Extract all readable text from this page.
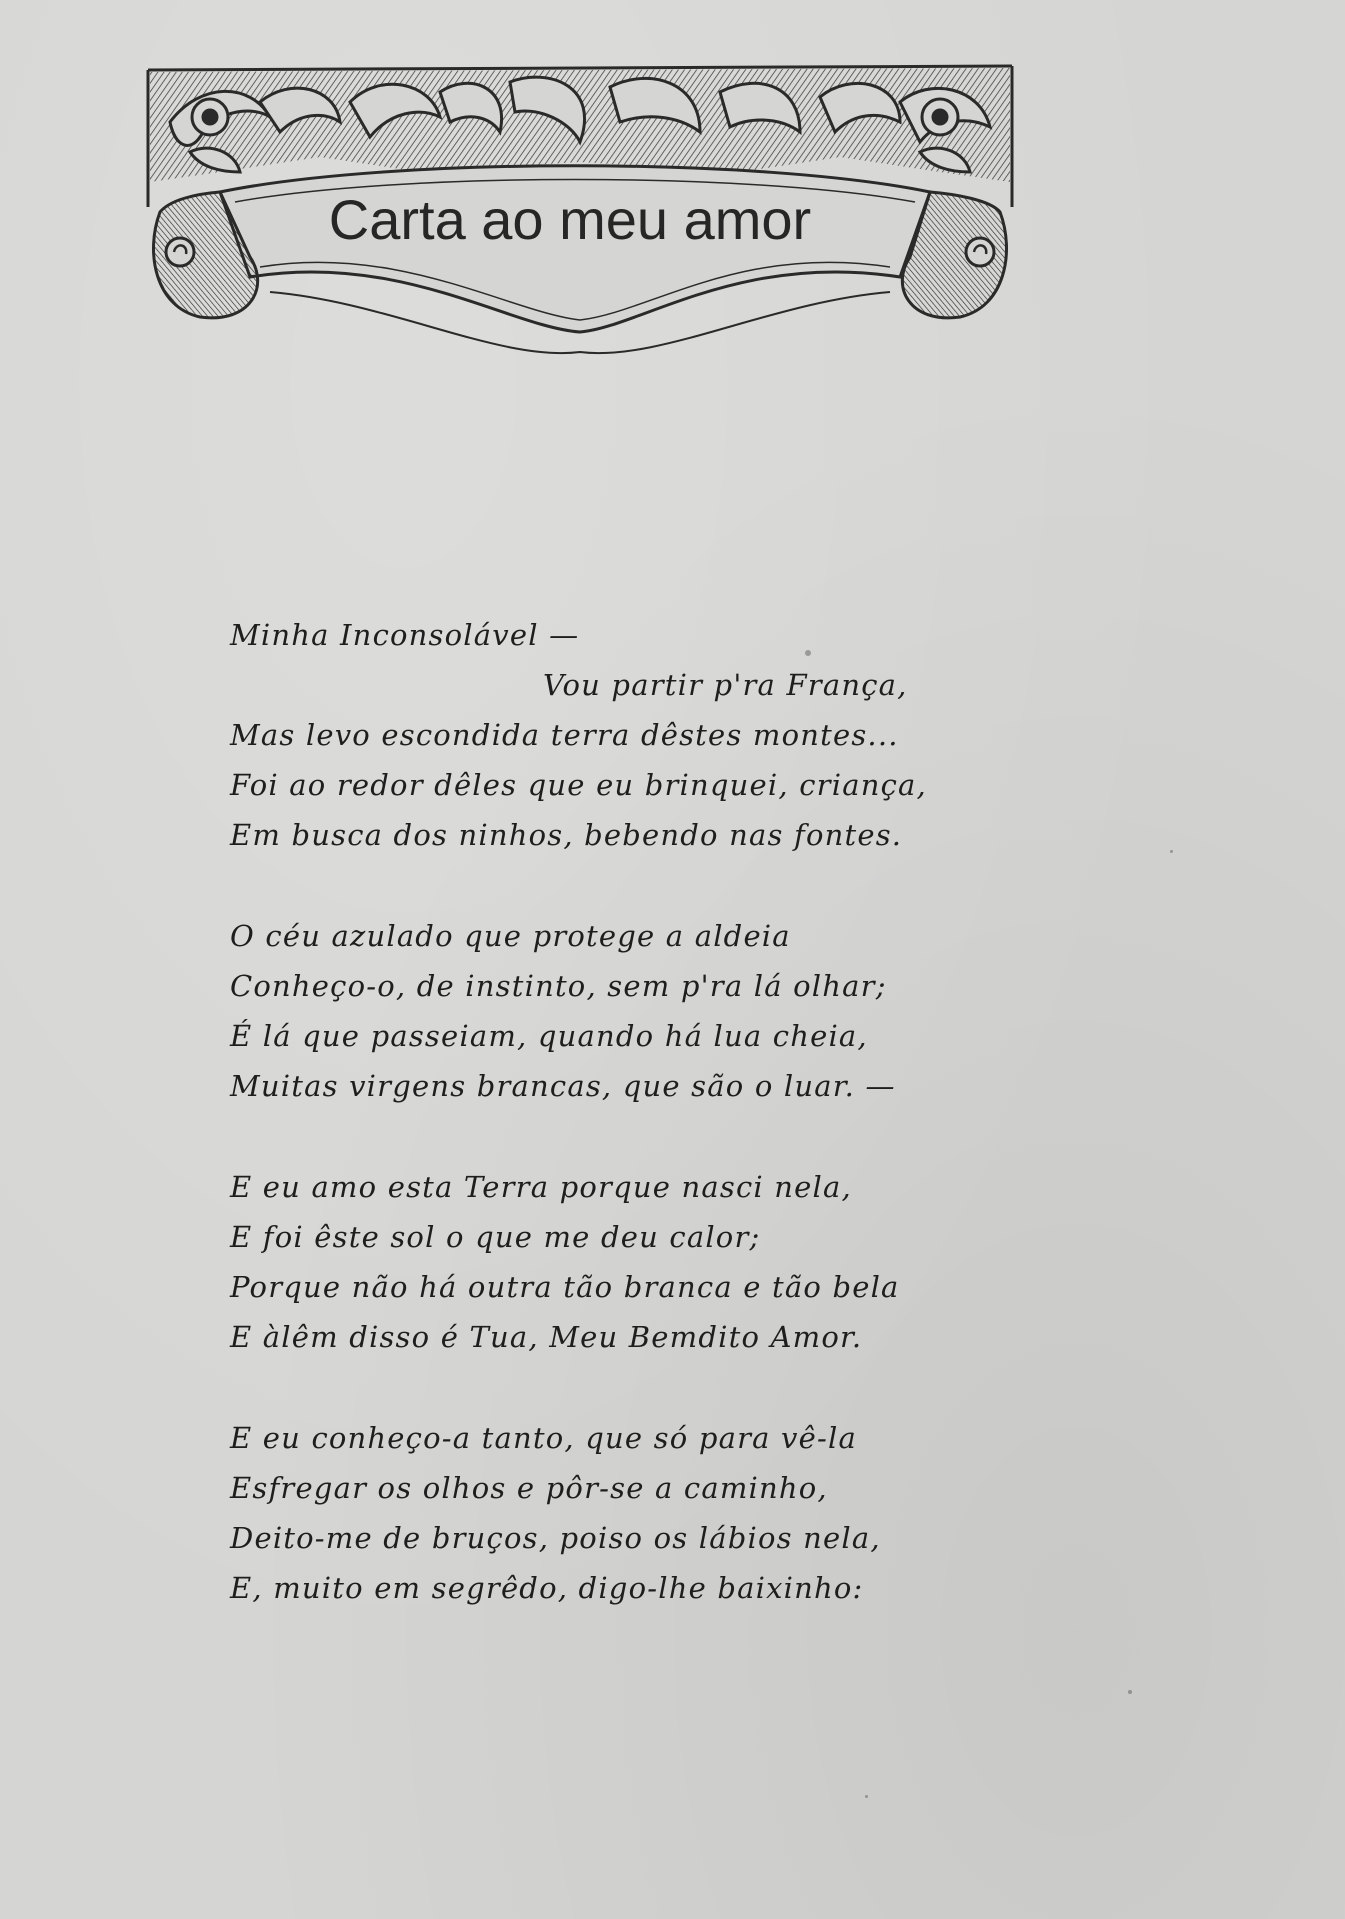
Carta ao meu amor
Minha Inconsolável —
Vou partir p'ra França,
Mas levo escondida terra dêstes montes...
Foi ao redor dêles que eu brinquei, criança,
Em busca dos ninhos, bebendo nas fontes.
O céu azulado que protege a aldeia
Conheço-o, de instinto, sem p'ra lá olhar;
É lá que passeiam, quando há lua cheia,
Muitas virgens brancas, que são o luar. —
E eu amo esta Terra porque nasci nela,
E foi êste sol o que me deu calor;
Porque não há outra tão branca e tão bela
E àlêm disso é Tua, Meu Bemdito Amor.
E eu conheço-a tanto, que só para vê-la
Esfregar os olhos e pôr-se a caminho,
Deito-me de bruços, poiso os lábios nela,
E, muito em segrêdo, digo-lhe baixinho:
